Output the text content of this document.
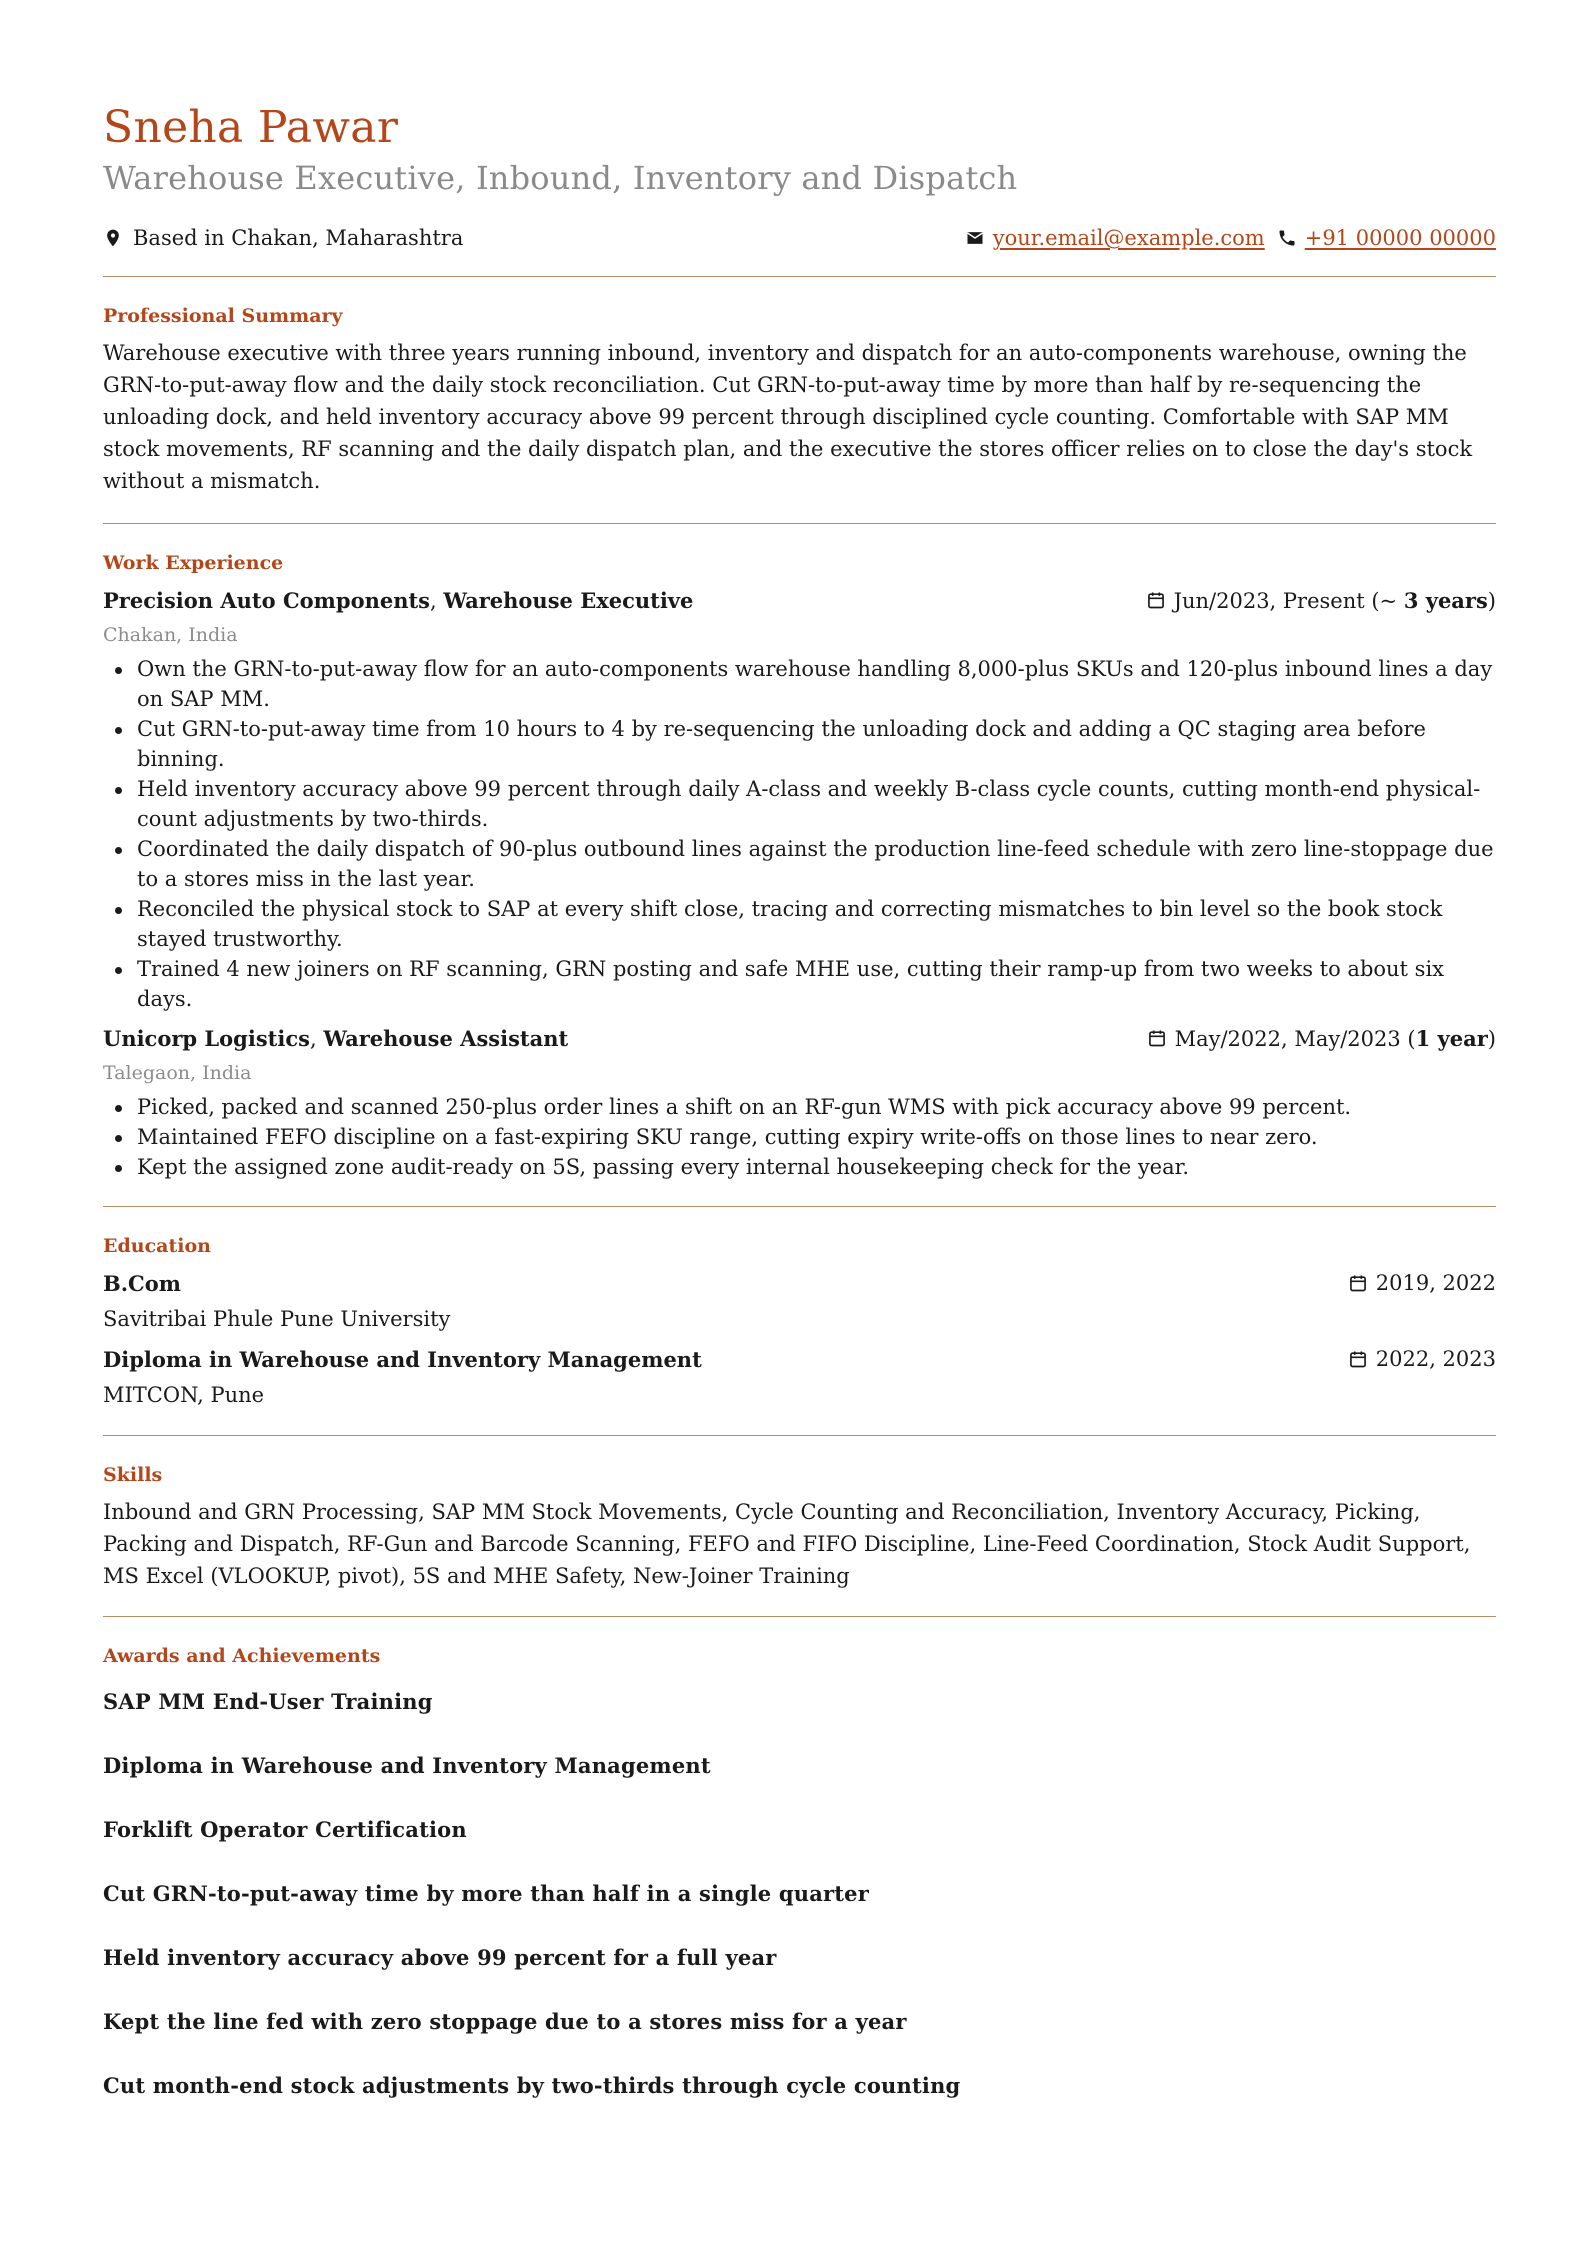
Sneha Pawar
Warehouse Executive, Inbound, Inventory and Dispatch
Based in Chakan, Maharashtra	your.email@example.com +91 00000 00000
Professional Summary

Warehouse executive with three years running inbound, inventory and dispatch for an auto-components warehouse, owning the GRN-to-put-away flow and the daily stock reconciliation. Cut GRN-to-put-away time by more than half by re-sequencing the unloading dock, and held inventory accuracy above 99 percent through disciplined cycle counting. Comfortable with SAP MM stock movements, RF scanning and the daily dispatch plan, and the executive the stores officer relies on to close the day's stock without a mismatch.

Work Experience
Precision Auto Components, Warehouse Executive	Jun/2023, Present (~ 3 years)
Chakan, India
Own the GRN-to-put-away flow for an auto-components warehouse handling 8,000-plus SKUs and 120-plus inbound lines a day on SAP MM.
Cut GRN-to-put-away time from 10 hours to 4 by re-sequencing the unloading dock and adding a QC staging area before binning.
Held inventory accuracy above 99 percent through daily A-class and weekly B-class cycle counts, cutting month-end physical-count adjustments by two-thirds.
Coordinated the daily dispatch of 90-plus outbound lines against the production line-feed schedule with zero line-stoppage due to a stores miss in the last year.
Reconciled the physical stock to SAP at every shift close, tracing and correcting mismatches to bin level so the book stock stayed trustworthy.
Trained 4 new joiners on RF scanning, GRN posting and safe MHE use, cutting their ramp-up from two weeks to about six days.
Unicorp Logistics, Warehouse Assistant	May/2022, May/2023 (1 year)
Talegaon, India
Picked, packed and scanned 250-plus order lines a shift on an RF-gun WMS with pick accuracy above 99 percent.
Maintained FEFO discipline on a fast-expiring SKU range, cutting expiry write-offs on those lines to near zero.
Kept the assigned zone audit-ready on 5S, passing every internal housekeeping check for the year.
Education
B.Com	2019, 2022
Savitribai Phule Pune University
Diploma in Warehouse and Inventory Management	2022, 2023
MITCON, Pune
Skills

Inbound and GRN Processing, SAP MM Stock Movements, Cycle Counting and Reconciliation, Inventory Accuracy, Picking, Packing and Dispatch, RF-Gun and Barcode Scanning, FEFO and FIFO Discipline, Line-Feed Coordination, Stock Audit Support, MS Excel (VLOOKUP, pivot), 5S and MHE Safety, New-Joiner Training

Awards and Achievements
SAP MM End-User Training
Diploma in Warehouse and Inventory Management
Forklift Operator Certification
Cut GRN-to-put-away time by more than half in a single quarter
Held inventory accuracy above 99 percent for a full year
Kept the line fed with zero stoppage due to a stores miss for a year
Cut month-end stock adjustments by two-thirds through cycle counting
